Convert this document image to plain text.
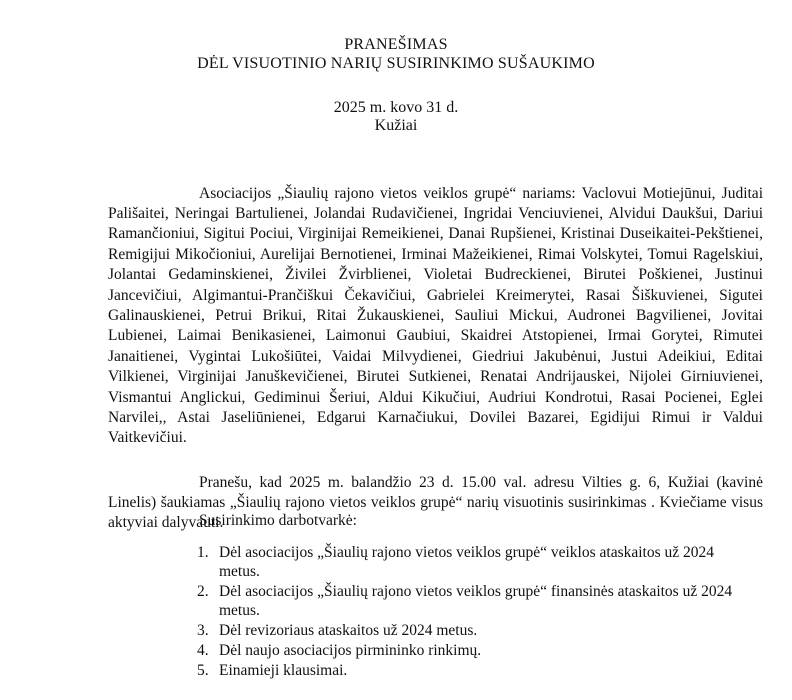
PRANEŠIMAS
DĖL VISUOTINIO NARIŲ SUSIRINKIMO SUŠAUKIMO
2025 m. kovo 31 d.
Kužiai

Asociacijos „Šiaulių rajono vietos veiklos grupė“ nariams: Vaclovui Motiejūnui, Juditai Pališaitei, Neringai Bartulienei, Jolandai Rudavičienei, Ingridai Venciuvienei, Alvidui Daukšui, Dariui Ramančioniui, Sigitui Pociui, Virginijai Remeikienei, Danai Rupšienei, Kristinai Duseikaitei-Pekštienei, Remigijui Mikočioniui, Aurelijai Bernotienei, Irminai Mažeikienei, Rimai Volskytei, Tomui Ragelskiui, Jolantai Gedaminskienei, Živilei Žvirblienei, Violetai Budreckienei, Birutei Poškienei, Justinui Jancevičiui, Algimantui-Prančiškui Čekavičiui, Gabrielei Kreimerytei, Rasai Šiškuvienei, Sigutei Galinauskienei, Petrui Brikui, Ritai Žukauskienei, Sauliui Mickui, Audronei Bagvilienei, Jovitai Lubienei, Laimai Benikasienei, Laimonui Gaubiui, Skaidrei Atstopienei, Irmai Gorytei, Rimutei Janaitienei, Vygintai Lukošiūtei, Vaidai Milvydienei, Giedriui Jakubėnui, Justui Adeikiui, Editai Vilkienei, Virginijai Januškevičienei, Birutei Sutkienei, Renatai Andrijauskei, Nijolei Girniuvienei, Vismantui Anglickui, Gediminui Šeriui, Aldui Kikučiui, Audriui Kondrotui, Rasai Pocienei, Eglei Narvilei,, Astai Jaseliūnienei, Edgarui Karnačiukui, Dovilei Bazarei, Egidijui Rimui ir Valdui Vaitkevičiui.

Pranešu, kad 2025 m. balandžio 23 d. 15.00 val. adresu Vilties g. 6, Kužiai (kavinė Linelis) šaukiamas „Šiaulių rajono vietos veiklos grupė“ narių visuotinis susirinkimas . Kviečiame visus aktyviai dalyvauti.

Susirinkimo darbotvarkė:
1. Dėl asociacijos „Šiaulių rajono vietos veiklos grupė“ veiklos ataskaitos už 2024 metus.
2. Dėl asociacijos „Šiaulių rajono vietos veiklos grupė“ finansinės ataskaitos už 2024 metus.
3. Dėl revizoriaus ataskaitos už 2024 metus.
4. Dėl naujo asociacijos pirmininko rinkimų.
5. Einamieji klausimai.
